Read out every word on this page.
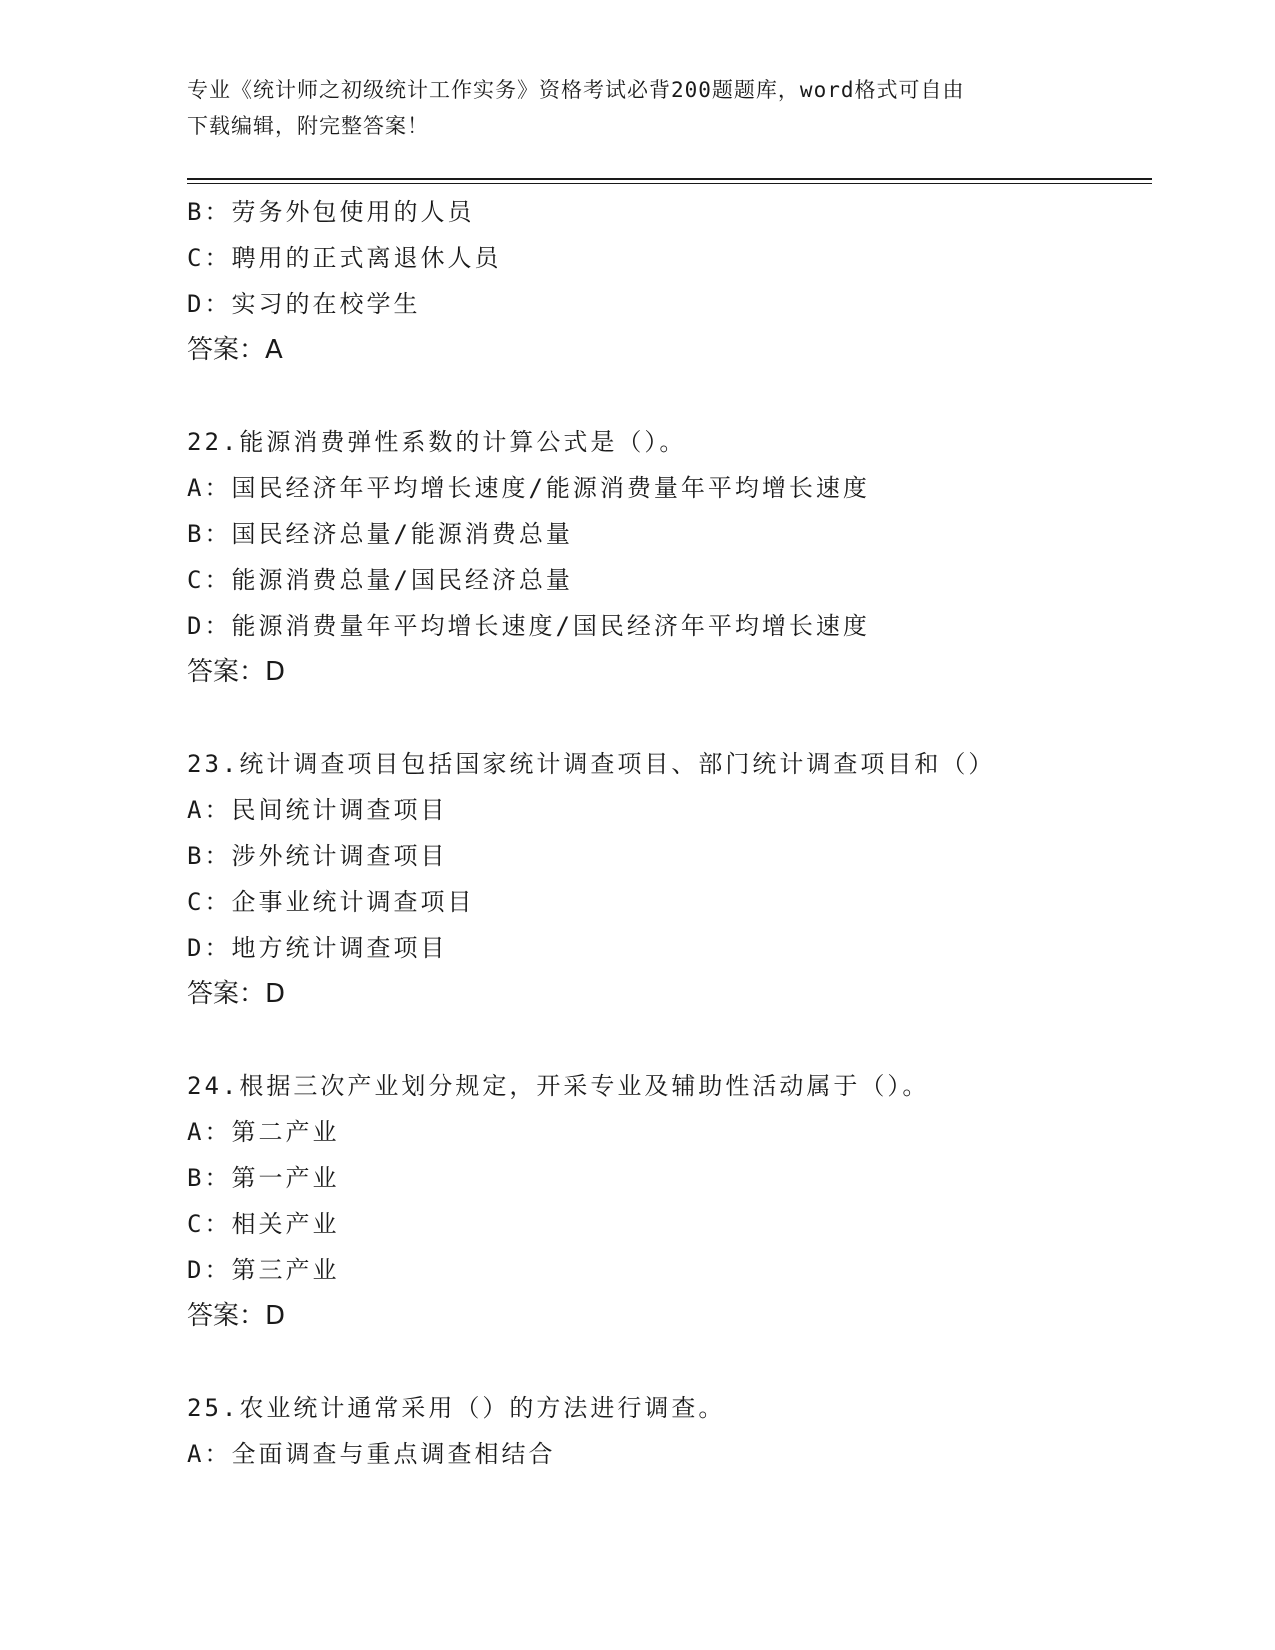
专业《统计师之初级统计工作实务》资格考试必背200题题库，word格式可自由
下载编辑，附完整答案！
B：劳务外包使用的人员
C：聘用的正式离退休人员
D：实习的在校学生
答案：A
22.能源消费弹性系数的计算公式是（）。
A：国民经济年平均增长速度/能源消费量年平均增长速度
B：国民经济总量/能源消费总量
C：能源消费总量/国民经济总量
D：能源消费量年平均增长速度/国民经济年平均增长速度
答案：D
23.统计调查项目包括国家统计调查项目、部门统计调查项目和（）
A：民间统计调查项目
B：涉外统计调查项目
C：企事业统计调查项目
D：地方统计调查项目
答案：D
24.根据三次产业划分规定，开采专业及辅助性活动属于（）。
A：第二产业
B：第一产业
C：相关产业
D：第三产业
答案：D
25.农业统计通常采用（）的方法进行调查。
A：全面调查与重点调查相结合
